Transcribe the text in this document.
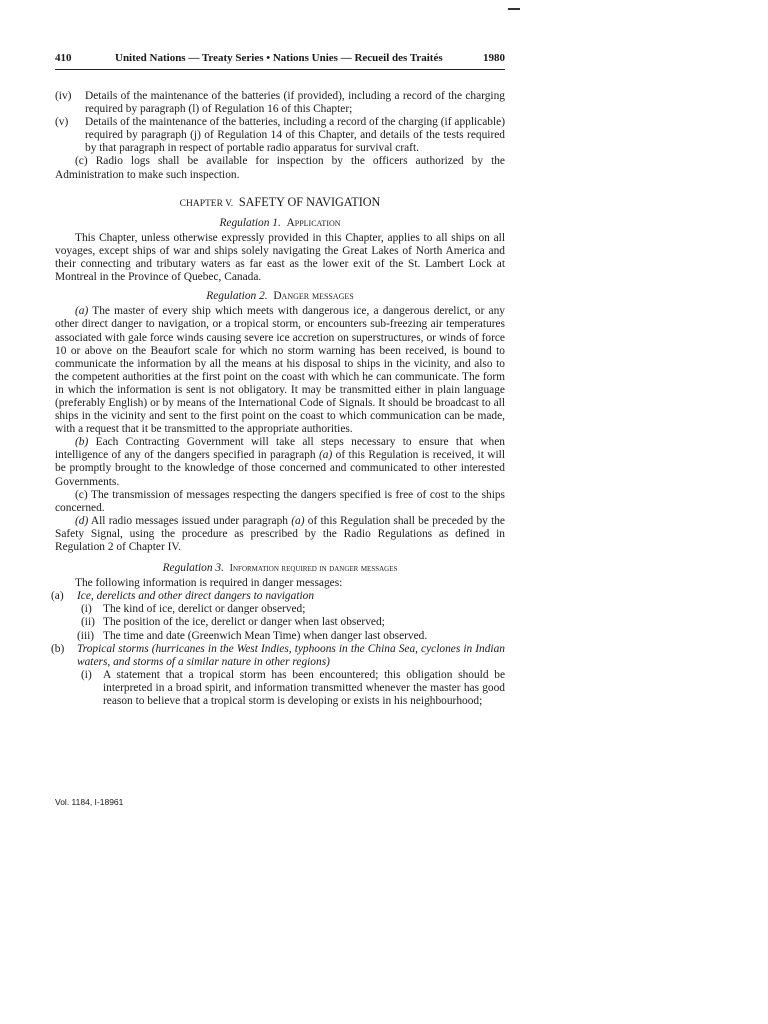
410	United Nations — Treaty Series • Nations Unies — Recueil des Traités	1980
(iv)	Details of the maintenance of the batteries (if provided), including a record of the charging required by paragraph (l) of Regulation 16 of this Chapter;
(v)	Details of the maintenance of the batteries, including a record of the charging (if applicable) required by paragraph (j) of Regulation 14 of this Chapter, and details of the tests required by that paragraph in respect of portable radio apparatus for survival craft.

(c) Radio logs shall be available for inspection by the officers authorized by the Administration to make such inspection.

CHAPTER V. SAFETY OF NAVIGATION
Regulation 1. Application

This Chapter, unless otherwise expressly provided in this Chapter, applies to all ships on all voyages, except ships of war and ships solely navigating the Great Lakes of North America and their connecting and tributary waters as far east as the lower exit of the St. Lambert Lock at Montreal in the Province of Quebec, Canada.

Regulation 2. Danger messages

(a) The master of every ship which meets with dangerous ice, a dangerous derelict, or any other direct danger to navigation, or a tropical storm, or encounters sub-freezing air temperatures associated with gale force winds causing severe ice accretion on superstructures, or winds of force 10 or above on the Beaufort scale for which no storm warning has been received, is bound to communicate the information by all the means at his disposal to ships in the vicinity, and also to the competent authorities at the first point on the coast with which he can communicate. The form in which the information is sent is not obligatory. It may be transmitted either in plain language (preferably English) or by means of the International Code of Signals. It should be broadcast to all ships in the vicinity and sent to the first point on the coast to which communication can be made, with a request that it be transmitted to the appropriate authorities.

(b) Each Contracting Government will take all steps necessary to ensure that when intelligence of any of the dangers specified in paragraph (a) of this Regulation is received, it will be promptly brought to the knowledge of those concerned and communicated to other interested Governments.

(c) The transmission of messages respecting the dangers specified is free of cost to the ships concerned.

(d) All radio messages issued under paragraph (a) of this Regulation shall be preceded by the Safety Signal, using the procedure as prescribed by the Radio Regulations as defined in Regulation 2 of Chapter IV.

Regulation 3. Information required in danger messages

The following information is required in danger messages:

(a)	Ice, derelicts and other direct dangers to navigation
(i) The kind of ice, derelict or danger observed;
(ii) The position of the ice, derelict or danger when last observed;
(iii) The time and date (Greenwich Mean Time) when danger last observed.
(b)	Tropical storms (hurricanes in the West Indies, typhoons in the China Sea, cyclones in Indian waters, and storms of a similar nature in other regions)
(i) A statement that a tropical storm has been encountered; this obligation should be interpreted in a broad spirit, and information transmitted whenever the master has good reason to believe that a tropical storm is developing or exists in his neighbourhood;
Vol. 1184, I-18961
